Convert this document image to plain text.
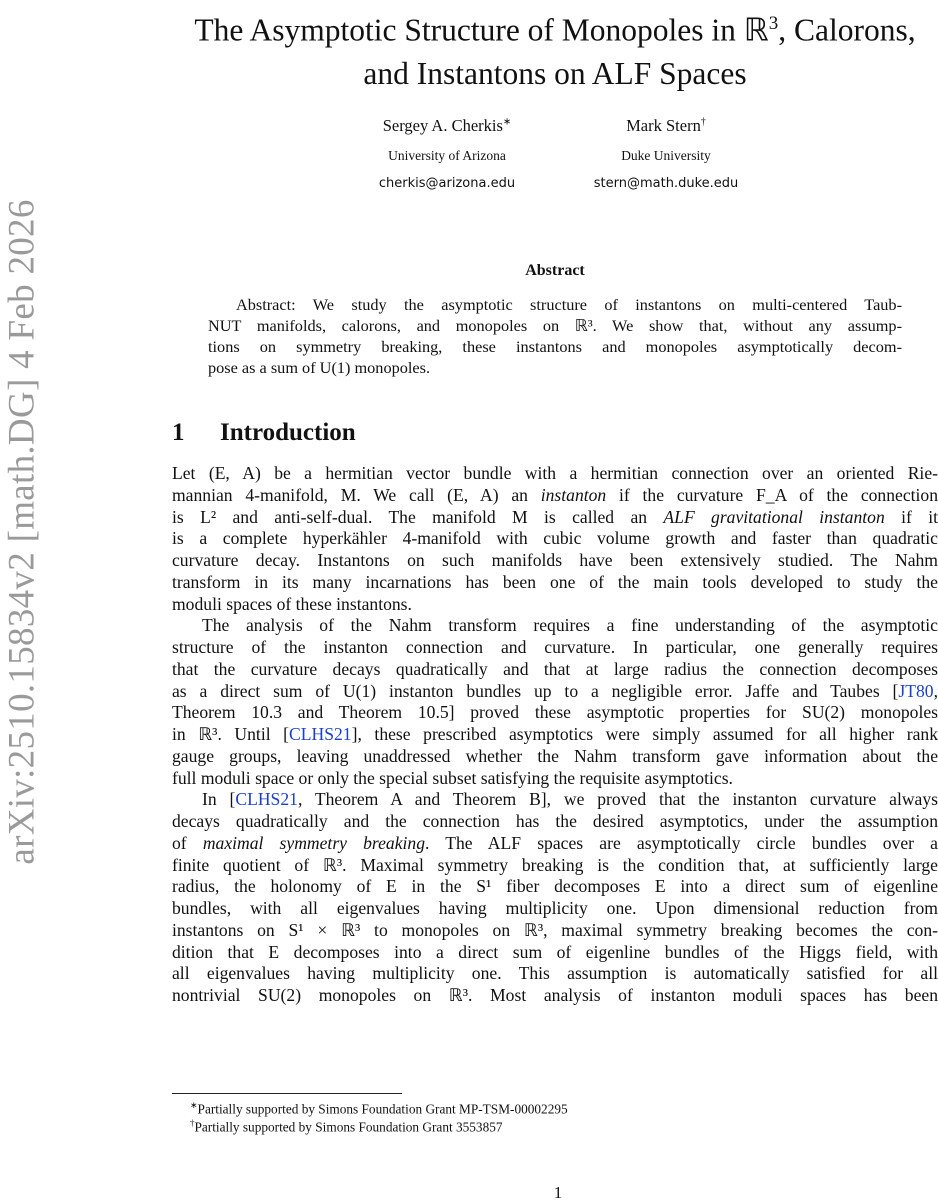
arXiv:2510.15834v2 [math.DG] 4 Feb 2026
The Asymptotic Structure of Monopoles in ℝ$^3$, Calorons,
and Instantons on ALF Spaces
Sergey A. Cherkis∗
University of Arizona
cherkis@arizona.edu
Mark Stern†
Duke University
stern@math.duke.edu
Abstract
Abstract: We study the asymptotic structure of instantons on multi-centered Taub-
NUT manifolds, calorons, and monopoles on ℝ³. We show that, without any assump-
tions on symmetry breaking, these instantons and monopoles asymptotically decom-
pose as a sum of U(1) monopoles.
1 Introduction
Let (E, A) be a hermitian vector bundle with a hermitian connection over an oriented Rie-
mannian 4-manifold, M. We call (E, A) an instanton if the curvature F_A of the connection
is L² and anti-self-dual. The manifold M is called an ALF gravitational instanton if it
is a complete hyperkähler 4-manifold with cubic volume growth and faster than quadratic
curvature decay. Instantons on such manifolds have been extensively studied. The Nahm
transform in its many incarnations has been one of the main tools developed to study the
moduli spaces of these instantons.
The analysis of the Nahm transform requires a fine understanding of the asymptotic
structure of the instanton connection and curvature. In particular, one generally requires
that the curvature decays quadratically and that at large radius the connection decomposes
as a direct sum of U(1) instanton bundles up to a negligible error. Jaffe and Taubes [JT80,
Theorem 10.3 and Theorem 10.5] proved these asymptotic properties for SU(2) monopoles
in ℝ³. Until [CLHS21], these prescribed asymptotics were simply assumed for all higher rank
gauge groups, leaving unaddressed whether the Nahm transform gave information about the
full moduli space or only the special subset satisfying the requisite asymptotics.
In [CLHS21, Theorem A and Theorem B], we proved that the instanton curvature always
decays quadratically and the connection has the desired asymptotics, under the assumption
of maximal symmetry breaking. The ALF spaces are asymptotically circle bundles over a
finite quotient of ℝ³. Maximal symmetry breaking is the condition that, at sufficiently large
radius, the holonomy of E in the S¹ fiber decomposes E into a direct sum of eigenline
bundles, with all eigenvalues having multiplicity one. Upon dimensional reduction from
instantons on S¹ × ℝ³ to monopoles on ℝ³, maximal symmetry breaking becomes the con-
dition that E decomposes into a direct sum of eigenline bundles of the Higgs field, with
all eigenvalues having multiplicity one. This assumption is automatically satisfied for all
nontrivial SU(2) monopoles on ℝ³. Most analysis of instanton moduli spaces has been
∗Partially supported by Simons Foundation Grant MP-TSM-00002295
†Partially supported by Simons Foundation Grant 3553857
1
